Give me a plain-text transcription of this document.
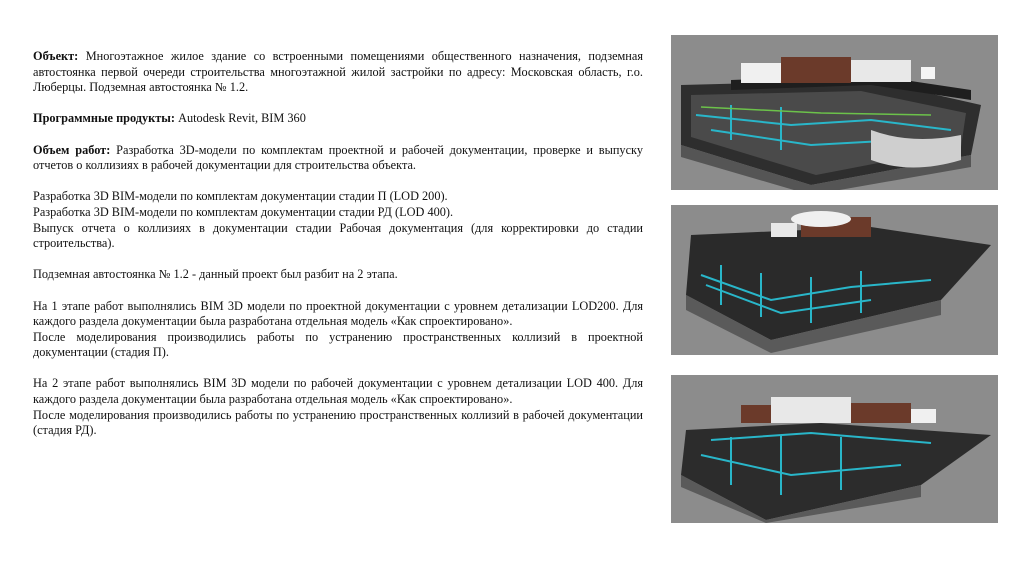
Объект: Многоэтажное жилое здание со встроенными помещениями общественного назначения, подземная автостоянка первой очереди строительства многоэтажной жилой застройки по адресу: Московская область, г.о. Люберцы. Подземная автостоянка № 1.2.

Программные продукты: Autodesk Revit, BIM 360

Объем работ: Разработка 3D-модели по комплектам проектной и рабочей документации, проверке и выпуску отчетов о коллизиях в рабочей документации для строительства объекта.

Разработка 3D BIM-модели по комплектам документации стадии П (LOD 200).
Разработка 3D BIM-модели по комплектам документации стадии РД (LOD 400).
Выпуск отчета о коллизиях в документации стадии Рабочая документация (для корректировки до стадии строительства).

Подземная автостоянка № 1.2 - данный проект был разбит на 2 этапа.

На 1 этапе работ выполнялись BIM 3D модели по проектной документации с уровнем детализации LOD200. Для каждого раздела документации была разработана отдельная модель «Как спроектировано».
После моделирования производились работы по устранению пространственных коллизий в проектной документации (стадия П).

На 2 этапе работ выполнялись BIM 3D модели по рабочей документации с уровнем детализации LOD 400. Для каждого раздела документации была разработана отдельная модель «Как спроектировано».
После моделирования производились работы по устранению пространственных коллизий в рабочей документации (стадия РД).
